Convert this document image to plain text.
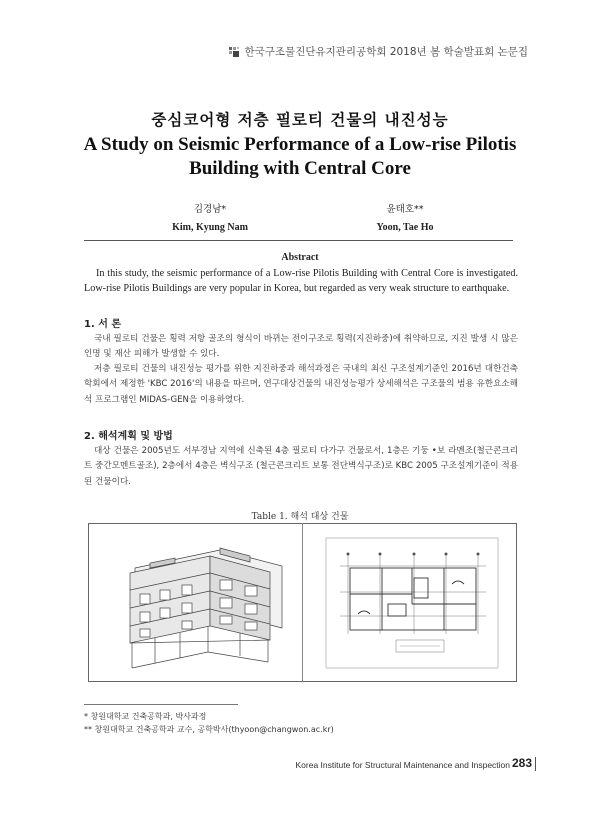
한국구조물진단유지관리공학회 2018년 봄 학술발표회 논문집
중심코어형 저층 필로티 건물의 내진성능
A Study on Seismic Performance of a Low-rise Pilotis
Building with Central Core
김경남*
Kim, Kyung Nam
윤태호**
Yoon, Tae Ho
Abstract
In this study, the seismic performance of a Low-rise Pilotis Building with Central Core is investigated. Low-rise Pilotis Buildings are very popular in Korea, but regarded as very weak structure to earthquake.
1. 서 론
국내 필로티 건물은 횡력 저항 골조의 형식이 바뀌는 전이구조로 횡력(지진하중)에 취약하므로, 지진 발생 시 많은 인명 및 재산 피해가 발생할 수 있다.
저층 필로티 건물의 내진성능 평가를 위한 지진하중과 해석과정은 국내의 최신 구조설계기준인 2016년 대한건축학회에서 제정한 'KBC 2016'의 내용을 따르며, 연구대상건물의 내진성능평가 상세해석은 구조물의 범용 유한요소해석 프로그램인 MIDAS-GEN을 이용하였다.
2. 해석계획 및 방법
대상 건물은 2005년도 서부경남 지역에 신축된 4층 필로티 다가구 건물로서, 1층은 기둥 •보 라멘조(철근콘크리트 중간모멘트골조), 2층에서 4층은 벽식구조 (철근콘크리트 보통 전단벽식구조)로 KBC 2005 구조설계기준이 적용된 건물이다.
Table 1. 해석 대상 건물
* 창원대학교 건축공학과, 박사과정
** 창원대학교 건축공학과 교수, 공학박사(thyoon@changwon.ac.kr)
Korea Institute for Structural Maintenance and Inspection 283
